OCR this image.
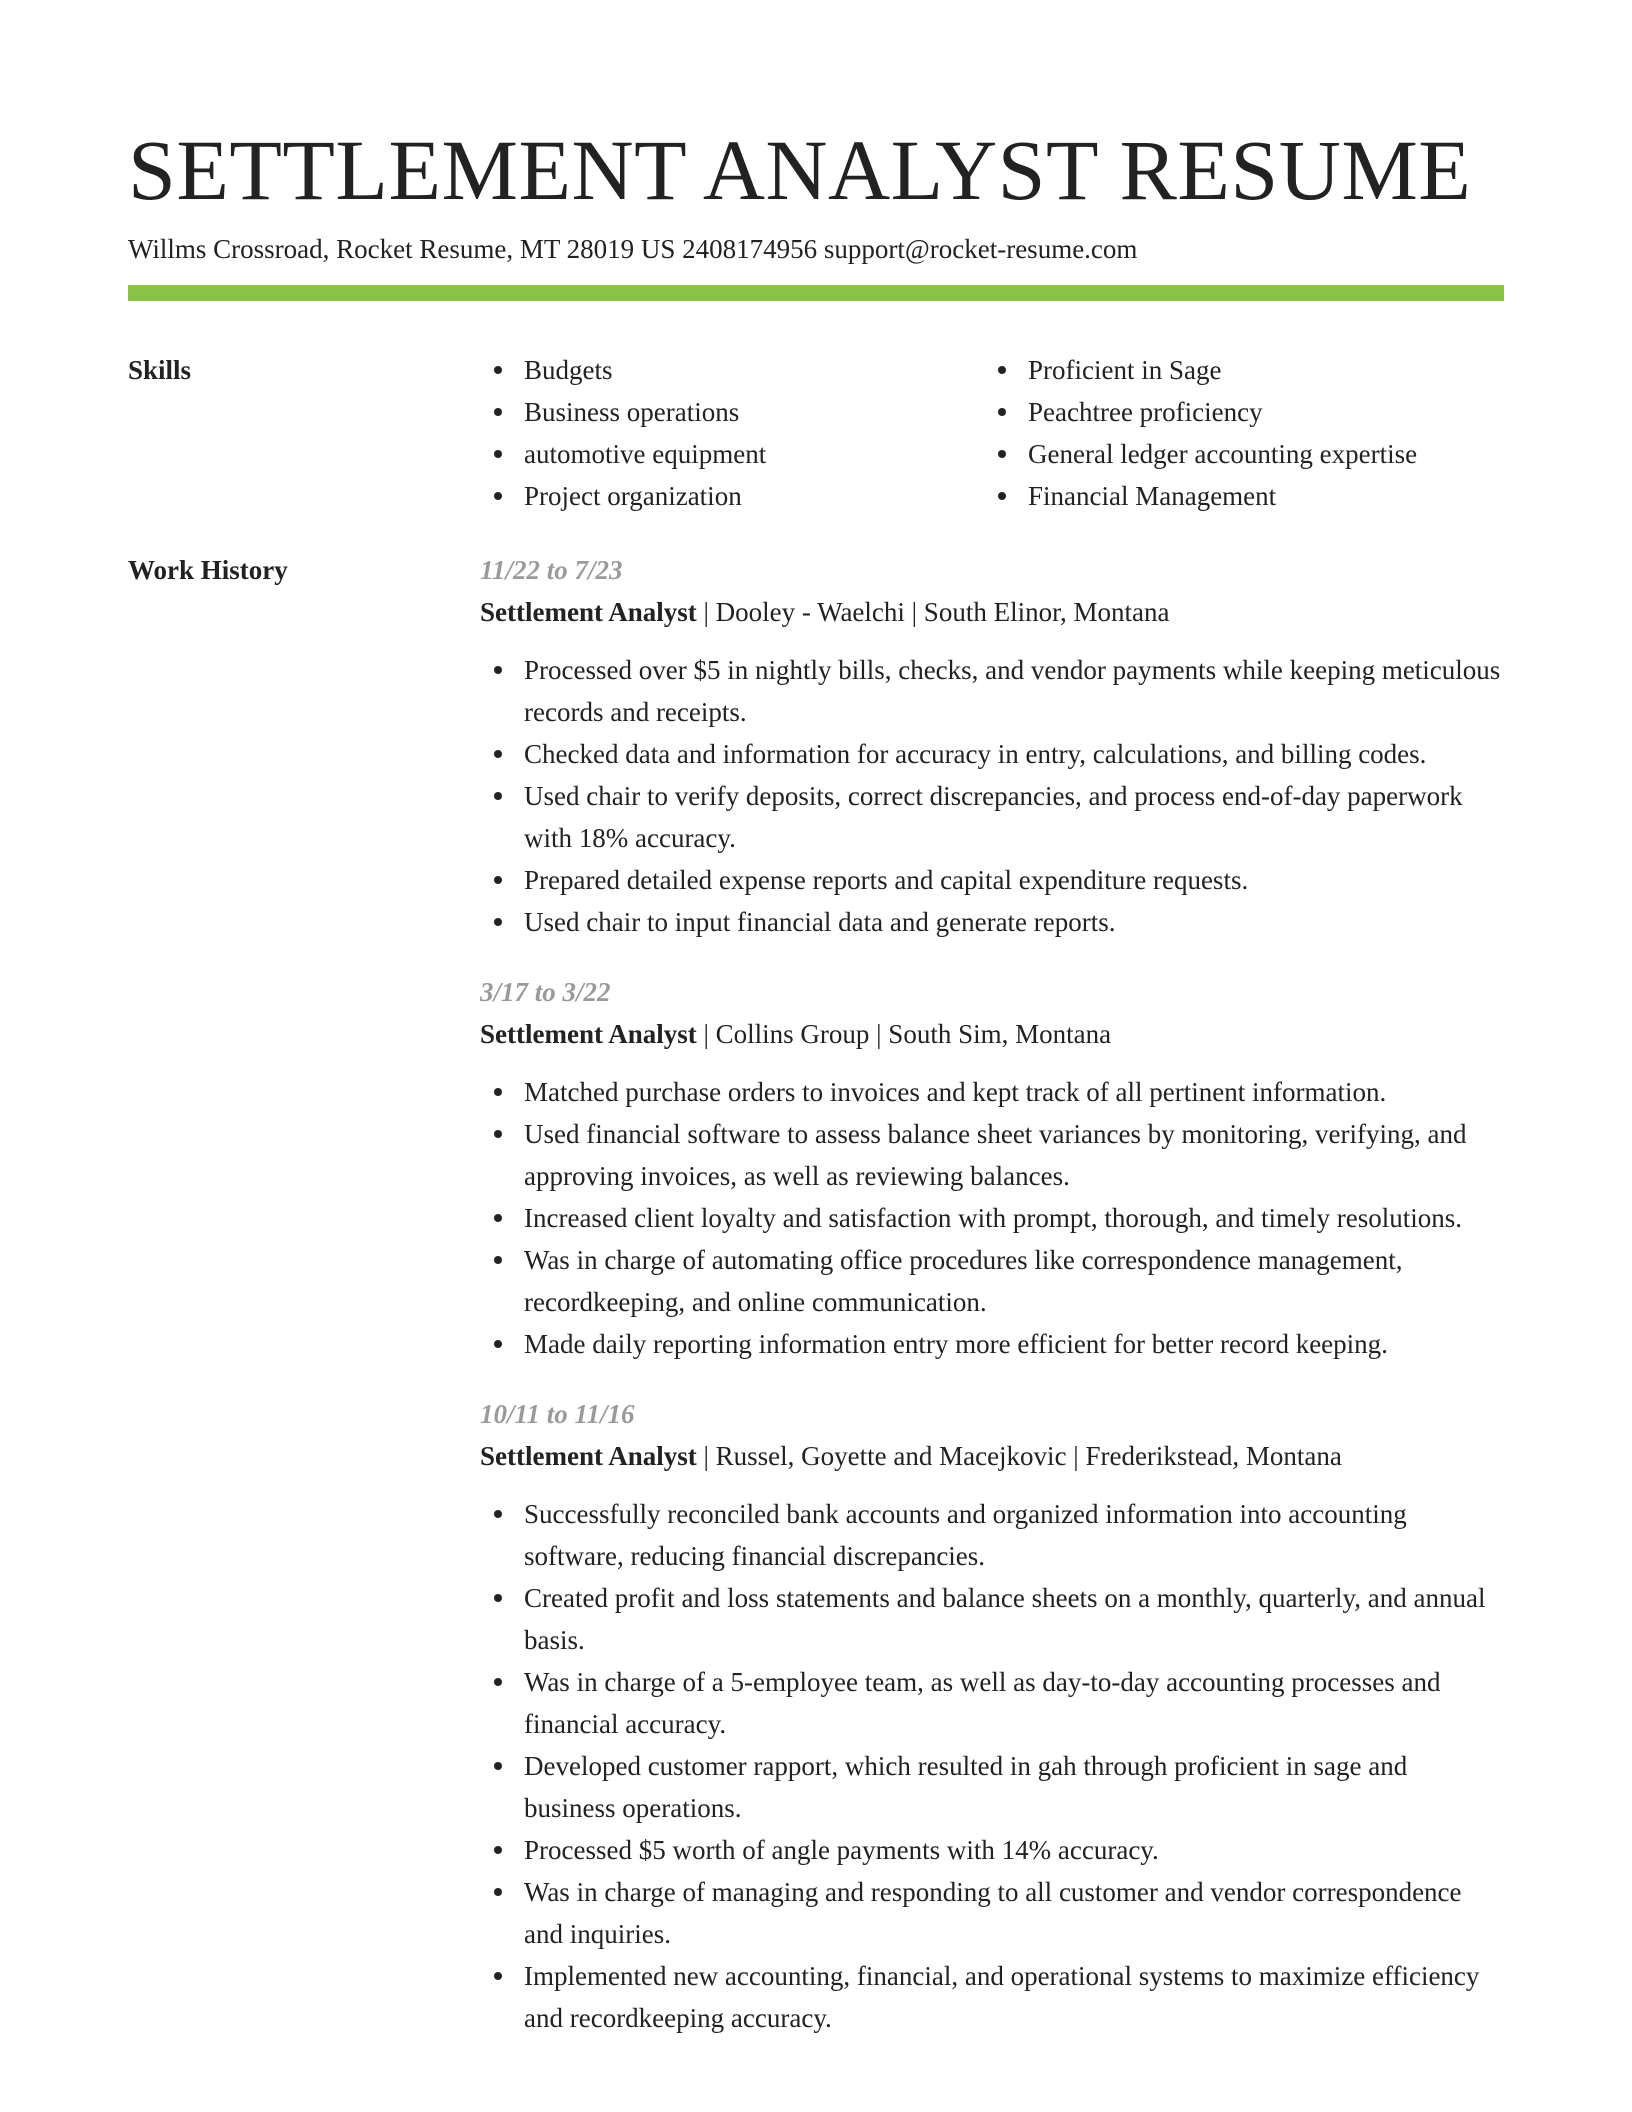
SETTLEMENT ANALYST RESUME
Willms Crossroad, Rocket Resume, MT 28019 US 2408174956 support@rocket-resume.com
Skills	Budgets
Business operations
automotive equipment
Project organization
Proficient in Sage
Peachtree proficiency
General ledger accounting expertise
Financial Management
Work History	11/22 to 7/23
Settlement Analyst | Dooley - Waelchi | South Elinor, Montana
Processed over $5 in nightly bills, checks, and vendor payments while keeping meticulous records and receipts.
Checked data and information for accuracy in entry, calculations, and billing codes.
Used chair to verify deposits, correct discrepancies, and process end-of-day paperwork with 18% accuracy.
Prepared detailed expense reports and capital expenditure requests.
Used chair to input financial data and generate reports.
3/17 to 3/22
Settlement Analyst | Collins Group | South Sim, Montana
Matched purchase orders to invoices and kept track of all pertinent information.
Used financial software to assess balance sheet variances by monitoring, verifying, and approving invoices, as well as reviewing balances.
Increased client loyalty and satisfaction with prompt, thorough, and timely resolutions.
Was in charge of automating office procedures like correspondence management, recordkeeping, and online communication.
Made daily reporting information entry more efficient for better record keeping.
10/11 to 11/16
Settlement Analyst | Russel, Goyette and Macejkovic | Frederikstead, Montana
Successfully reconciled bank accounts and organized information into accounting software, reducing financial discrepancies.
Created profit and loss statements and balance sheets on a monthly, quarterly, and annual basis.
Was in charge of a 5-employee team, as well as day-to-day accounting processes and financial accuracy.
Developed customer rapport, which resulted in gah through proficient in sage and business operations.
Processed $5 worth of angle payments with 14% accuracy.
Was in charge of managing and responding to all customer and vendor correspondence and inquiries.
Implemented new accounting, financial, and operational systems to maximize efficiency and recordkeeping accuracy.
